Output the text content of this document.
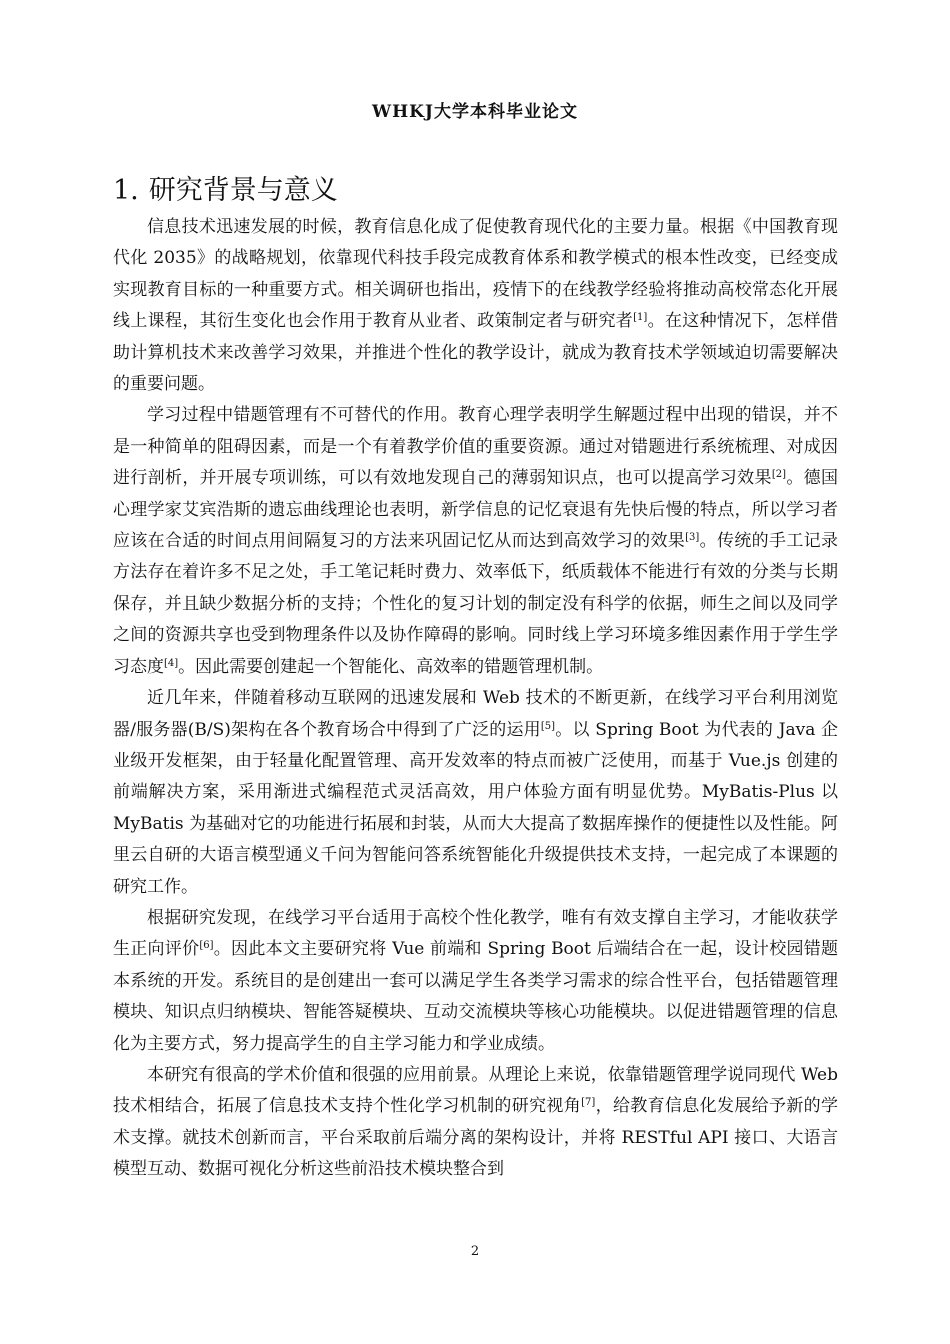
WHKJ大学本科毕业论文
1. 研究背景与意义

信息技术迅速发展的时候，教育信息化成了促使教育现代化的主要力量。根据《中国教育现代化 2035》的战略规划，依靠现代科技手段完成教育体系和教学模式的根本性改变，已经变成实现教育目标的一种重要方式。相关调研也指出，疫情下的在线教学经验将推动高校常态化开展线上课程，其衍生变化也会作用于教育从业者、政策制定者与研究者[1]。在这种情况下，怎样借助计算机技术来改善学习效果，并推进个性化的教学设计，就成为教育技术学领域迫切需要解决的重要问题。

学习过程中错题管理有不可替代的作用。教育心理学表明学生解题过程中出现的错误，并不是一种简单的阻碍因素，而是一个有着教学价值的重要资源。通过对错题进行系统梳理、对成因进行剖析，并开展专项训练，可以有效地发现自己的薄弱知识点，也可以提高学习效果[2]。德国心理学家艾宾浩斯的遗忘曲线理论也表明，新学信息的记忆衰退有先快后慢的特点，所以学习者应该在合适的时间点用间隔复习的方法来巩固记忆从而达到高效学习的效果[3]。传统的手工记录方法存在着许多不足之处，手工笔记耗时费力、效率低下，纸质载体不能进行有效的分类与长期保存，并且缺少数据分析的支持；个性化的复习计划的制定没有科学的依据，师生之间以及同学之间的资源共享也受到物理条件以及协作障碍的影响。同时线上学习环境多维因素作用于学生学习态度[4]。因此需要创建起一个智能化、高效率的错题管理机制。

近几年来，伴随着移动互联网的迅速发展和 Web 技术的不断更新，在线学习平台利用浏览器/服务器(B/S)架构在各个教育场合中得到了广泛的运用[5]。以 Spring Boot 为代表的 Java 企业级开发框架，由于轻量化配置管理、高开发效率的特点而被广泛使用，而基于 Vue.js 创建的前端解决方案，采用渐进式编程范式灵活高效，用户体验方面有明显优势。MyBatis-Plus 以 MyBatis 为基础对它的功能进行拓展和封装，从而大大提高了数据库操作的便捷性以及性能。阿里云自研的大语言模型通义千问为智能问答系统智能化升级提供技术支持，一起完成了本课题的研究工作。

根据研究发现，在线学习平台适用于高校个性化教学，唯有有效支撑自主学习，才能收获学生正向评价[6]。因此本文主要研究将 Vue 前端和 Spring Boot 后端结合在一起，设计校园错题本系统的开发。系统目的是创建出一套可以满足学生各类学习需求的综合性平台，包括错题管理模块、知识点归纳模块、智能答疑模块、互动交流模块等核心功能模块。以促进错题管理的信息化为主要方式，努力提高学生的自主学习能力和学业成绩。

本研究有很高的学术价值和很强的应用前景。从理论上来说，依靠错题管理学说同现代 Web 技术相结合，拓展了信息技术支持个性化学习机制的研究视角[7]，给教育信息化发展给予新的学术支撑。就技术创新而言，平台采取前后端分离的架构设计，并将 RESTful API 接口、大语言模型互动、数据可视化分析这些前沿技术模块整合到

2
